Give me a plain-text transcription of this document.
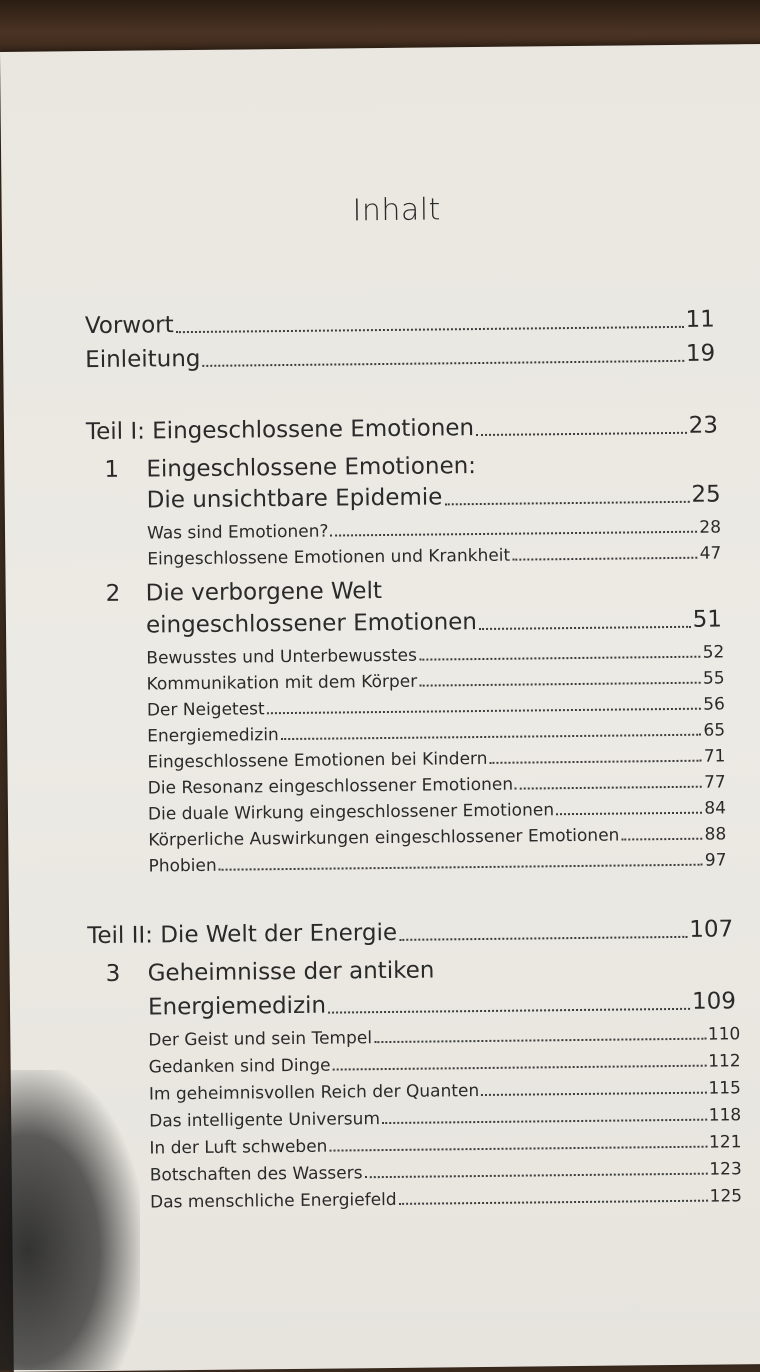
Inhalt
Vorwort	11
Einleitung	19
Teil I: Eingeschlossene Emotionen	23
1 Eingeschlossene Emotionen:
Die unsichtbare Epidemie	25
Was sind Emotionen?	28
Eingeschlossene Emotionen und Krankheit	47
2 Die verborgene Welt
eingeschlossener Emotionen	51
Bewusstes und Unterbewusstes	52
Kommunikation mit dem Körper	55
Der Neigetest	56
Energiemedizin	65
Eingeschlossene Emotionen bei Kindern	71
Die Resonanz eingeschlossener Emotionen	77
Die duale Wirkung eingeschlossener Emotionen	84
Körperliche Auswirkungen eingeschlossener Emotionen	88
Phobien	97
Teil II: Die Welt der Energie	107
3 Geheimnisse der antiken
Energiemedizin	109
Der Geist und sein Tempel	110
Gedanken sind Dinge	112
Im geheimnisvollen Reich der Quanten	115
Das intelligente Universum	118
In der Luft schweben	121
Botschaften des Wassers	123
Das menschliche Energiefeld	125
